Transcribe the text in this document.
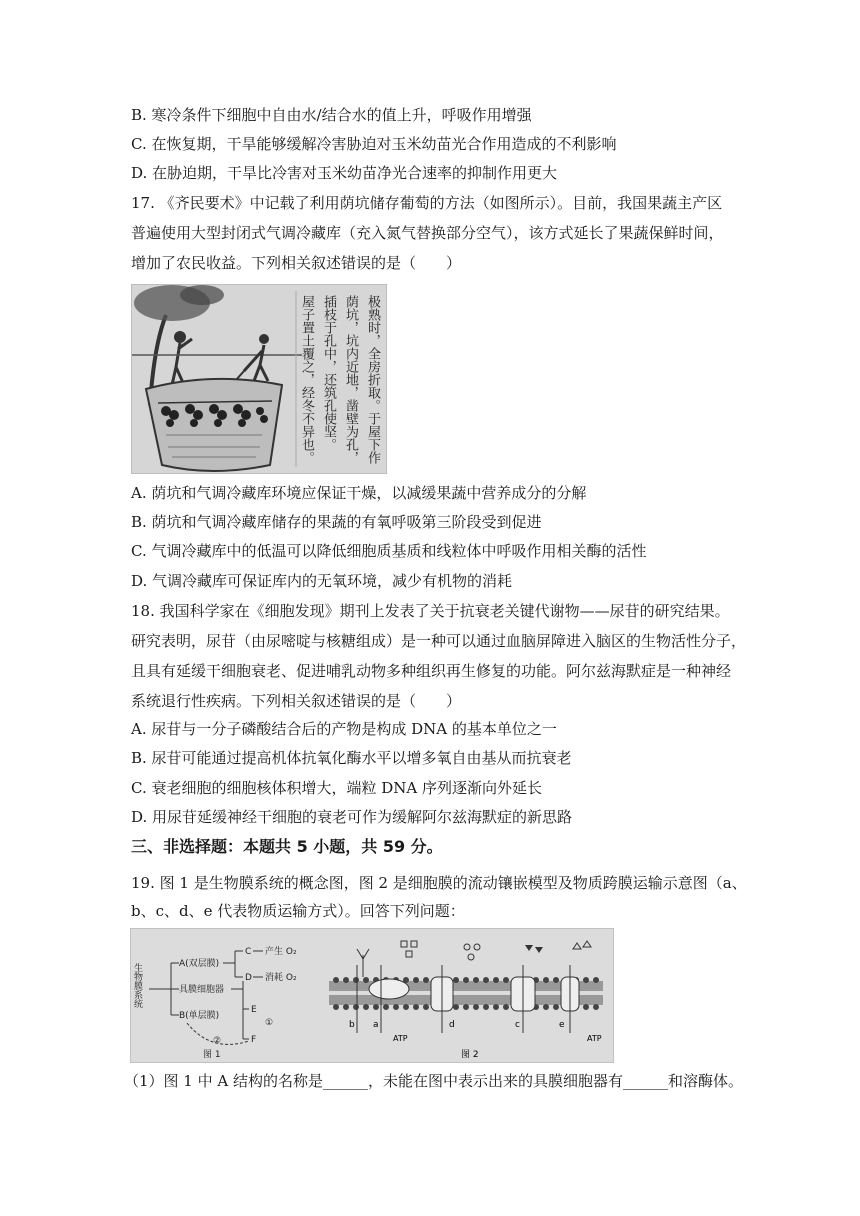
B. 寒冷条件下细胞中自由水/结合水的值上升，呼吸作用增强
C. 在恢复期，干旱能够缓解冷害胁迫对玉米幼苗光合作用造成的不利影响
D. 在胁迫期，干旱比冷害对玉米幼苗净光合速率的抑制作用更大
17. 《齐民要术》中记载了利用荫坑储存葡萄的方法（如图所示）。目前，我国果蔬主产区
普遍使用大型封闭式气调冷藏库（充入氮气替换部分空气），该方式延长了果蔬保鲜时间，
增加了农民收益。下列相关叙述错误的是（　　）
极熟时，全房折取。于屋下作
荫坑，坑内近地，凿壁为孔，
插枝于孔中，还筑孔使坚。
屋子置土覆之，经冬不异也。
A. 荫坑和气调冷藏库环境应保证干燥，以减缓果蔬中营养成分的分解
B. 荫坑和气调冷藏库储存的果蔬的有氧呼吸第三阶段受到促进
C. 气调冷藏库中的低温可以降低细胞质基质和线粒体中呼吸作用相关酶的活性
D. 气调冷藏库可保证库内的无氧环境，减少有机物的消耗
18. 我国科学家在《细胞发现》期刊上发表了关于抗衰老关键代谢物——尿苷的研究结果。
研究表明，尿苷（由尿嘧啶与核糖组成）是一种可以通过血脑屏障进入脑区的生物活性分子，
且具有延缓干细胞衰老、促进哺乳动物多种组织再生修复的功能。阿尔兹海默症是一种神经
系统退行性疾病。下列相关叙述错误的是（　　）
A. 尿苷与一分子磷酸结合后的产物是构成 DNA 的基本单位之一
B. 尿苷可能通过提高机体抗氧化酶水平以增多氧自由基从而抗衰老
C. 衰老细胞的细胞核体积增大，端粒 DNA 序列逐渐向外延长
D. 用尿苷延缓神经干细胞的衰老可作为缓解阿尔兹海默症的新思路
三、非选择题：本题共 5 小题，共 59 分。
19. 图 1 是生物膜系统的概念图，图 2 是细胞膜的流动镶嵌模型及物质跨膜运输示意图（a、
b、c、d、e 代表物质运输方式）。回答下列问题：
生物膜系统	A(双层膜)
具膜细胞器
B(单层膜)
C 产生 O₂
D 消耗 O₂
E
①
F
②
图 1
b a	d	c	e
ATP	ATP
图 2
（1）图 1 中 A 结构的名称是______，未能在图中表示出来的具膜细胞器有______和溶酶体。
